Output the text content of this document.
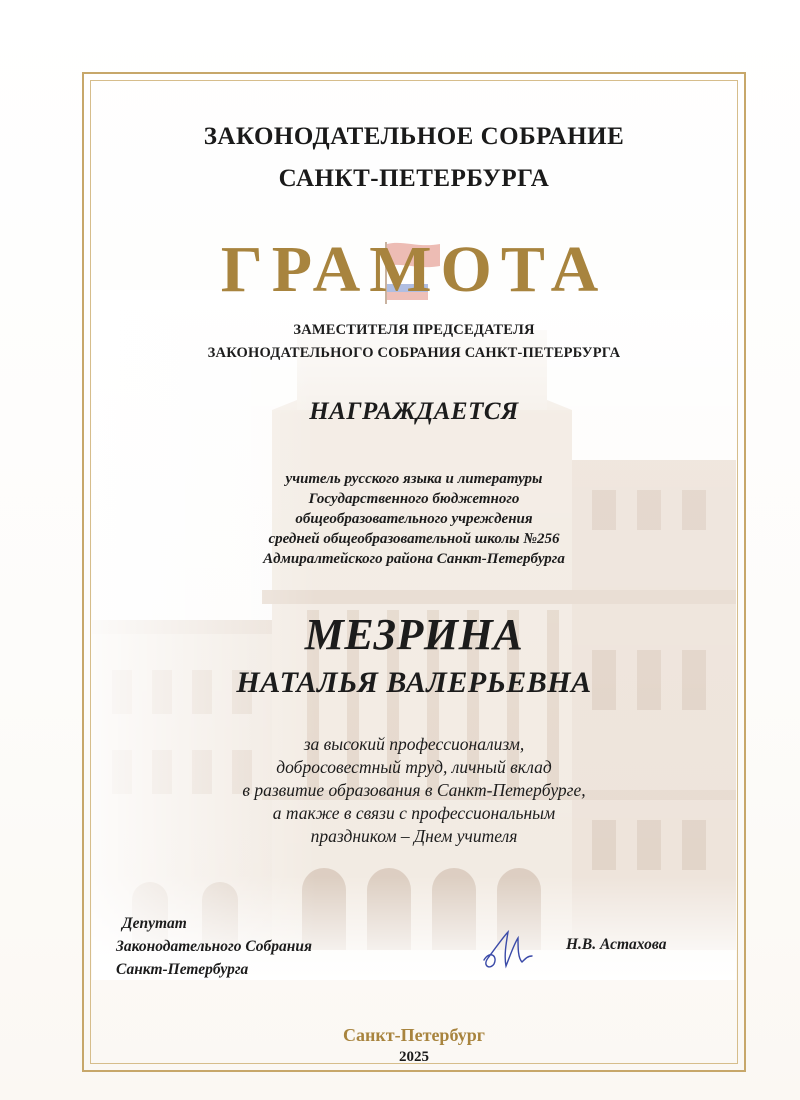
ЗАКОНОДАТЕЛЬНОЕ СОБРАНИЕ

САНКТ-ПЕТЕРБУРГА

ГРАМОТА

ЗАМЕСТИТЕЛЯ ПРЕДСЕДАТЕЛЯ

ЗАКОНОДАТЕЛЬНОГО СОБРАНИЯ САНКТ-ПЕТЕРБУРГА

НАГРАЖДАЕТСЯ

учитель русского языка и литературы

Государственного бюджетного

общеобразовательного учреждения

средней общеобразовательной школы №256

Адмиралтейского района Санкт-Петербурга

МЕЗРИНА

НАТАЛЬЯ ВАЛЕРЬЕВНА

за высокий профессионализм,

добросовестный труд, личный вклад

в развитие образования в Санкт-Петербурге,

а также в связи с профессиональным

праздником – Днем учителя

Депутат
Законодательного Собрания
Санкт-Петербурга

Н.В. Астахова

Санкт-Петербург

2025
